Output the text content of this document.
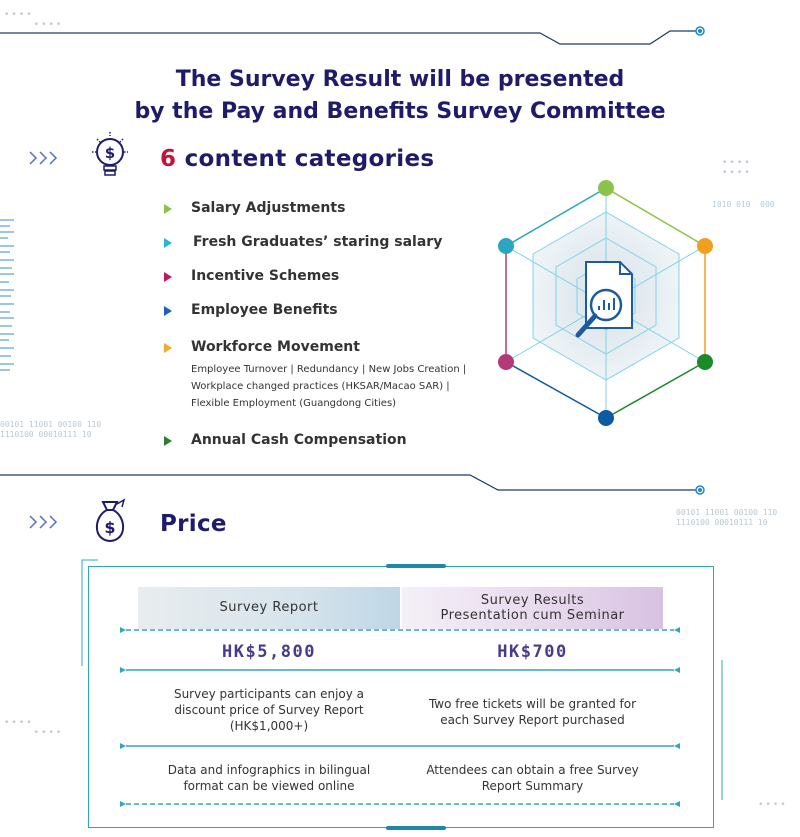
••••
••••
The Survey Result will be presented
by the Pay and Benefits Survey Committee
$ 6 content categories
Salary Adjustments
Fresh Graduates’ staring salary
Incentive Schemes
Employee Benefits
Workforce Movement
Employee Turnover | Redundancy | New Jobs Creation |
Workplace changed practices (HKSAR/Macao SAR) |
Flexible Employment (Guangdong Cities)
Annual Cash Compensation
1010 010  000
••••
••••
00101 11001 00100 110
1110100 00010111 10
00101 11001 00100 110
1110100 00010111 10
$ Price
Survey Report	Survey Results
Presentation cum Seminar
HK$5,800	HK$700
Survey participants can enjoy a
discount price of Survey Report
(HK$1,000+)
Two free tickets will be granted for
each Survey Report purchased
Data and infographics in bilingual
format can be viewed online
Attendees can obtain a free Survey
Report Summary
••••
••••
••••
